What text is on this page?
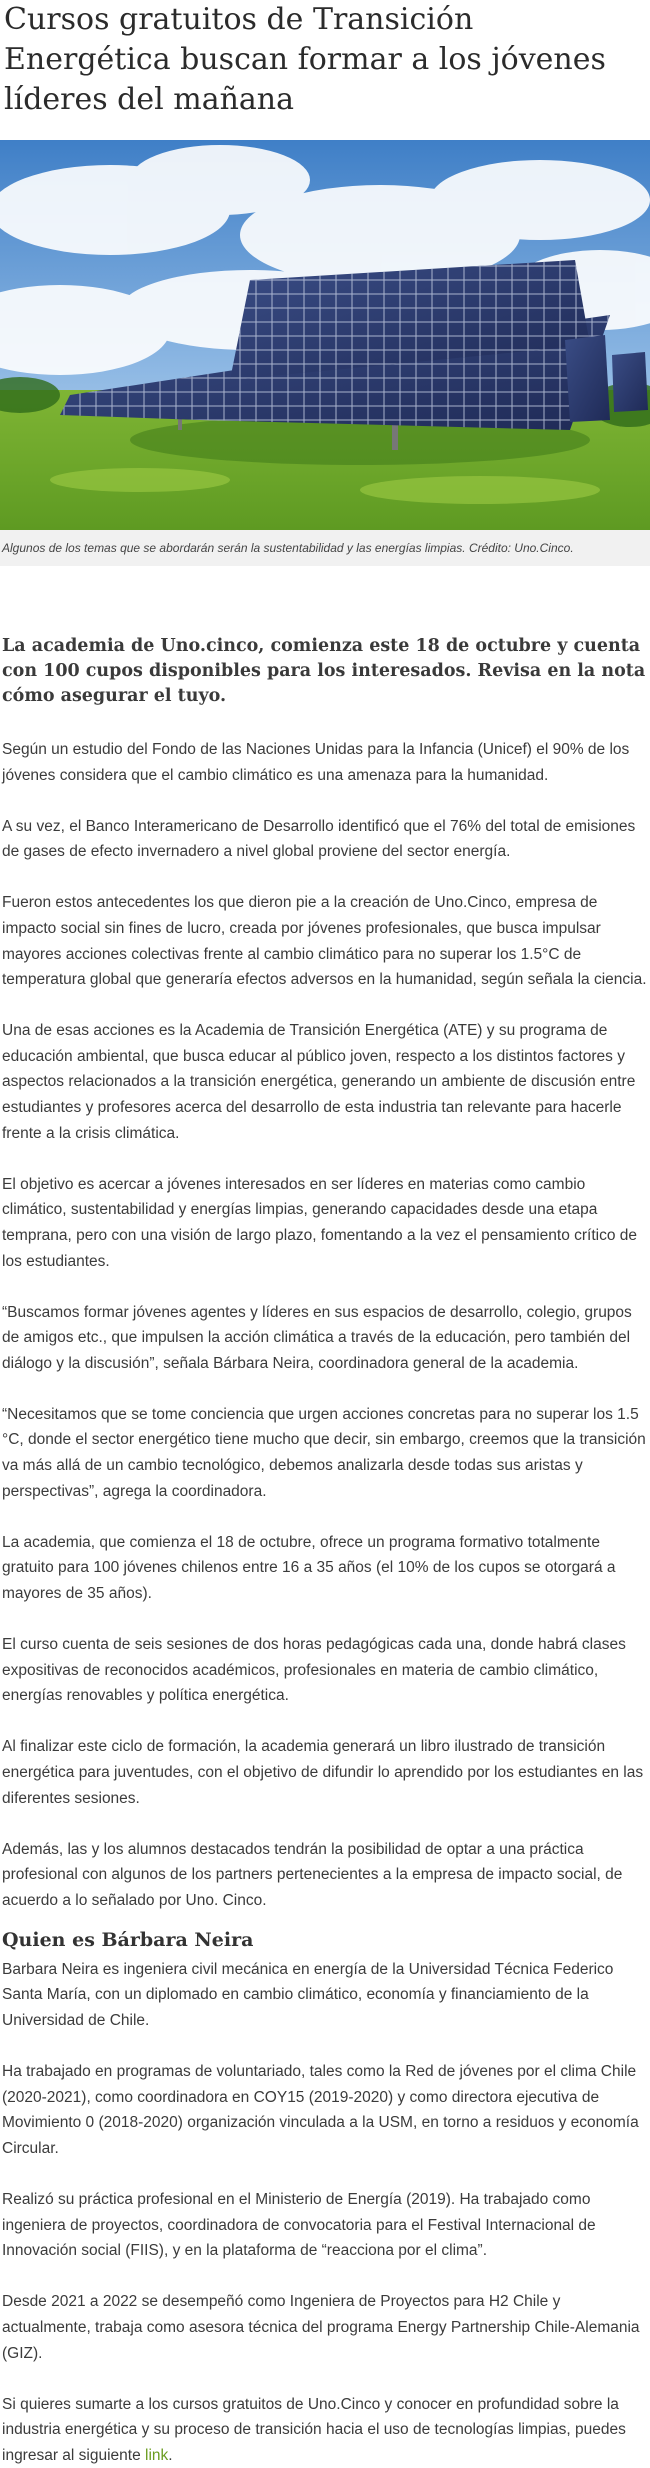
Cursos gratuitos de Transición Energética buscan formar a los jóvenes líderes del mañana
Algunos de los temas que se abordarán serán la sustentabilidad y las energías limpias. Crédito: Uno.Cinco.

La academia de Uno.cinco, comienza este 18 de octubre y cuenta con 100 cupos disponibles para los interesados. Revisa en la nota cómo asegurar el tuyo.

Según un estudio del Fondo de las Naciones Unidas para la Infancia (Unicef) el 90% de los jóvenes considera que el cambio climático es una amenaza para la humanidad.

A su vez, el Banco Interamericano de Desarrollo identificó que el 76% del total de emisiones de gases de efecto invernadero a nivel global proviene del sector energía.

Fueron estos antecedentes los que dieron pie a la creación de Uno.Cinco, empresa de impacto social sin fines de lucro, creada por jóvenes profesionales, que busca impulsar mayores acciones colectivas frente al cambio climático para no superar los 1.5°C de temperatura global que generaría efectos adversos en la humanidad, según señala la ciencia.

Una de esas acciones es la Academia de Transición Energética (ATE) y su programa de educación ambiental, que busca educar al público joven, respecto a los distintos factores y aspectos relacionados a la transición energética, generando un ambiente de discusión entre estudiantes y profesores acerca del desarrollo de esta industria tan relevante para hacerle frente a la crisis climática.

El objetivo es acercar a jóvenes interesados en ser líderes en materias como cambio climático, sustentabilidad y energías limpias, generando capacidades desde una etapa temprana, pero con una visión de largo plazo, fomentando a la vez el pensamiento crítico de los estudiantes.

“Buscamos formar jóvenes agentes y líderes en sus espacios de desarrollo, colegio, grupos de amigos etc., que impulsen la acción climática a través de la educación, pero también del diálogo y la discusión”, señala Bárbara Neira, coordinadora general de la academia.

“Necesitamos que se tome conciencia que urgen acciones concretas para no superar los 1.5 °C, donde el sector energético tiene mucho que decir, sin embargo, creemos que la transición va más allá de un cambio tecnológico, debemos analizarla desde todas sus aristas y perspectivas”, agrega la coordinadora.

La academia, que comienza el 18 de octubre, ofrece un programa formativo totalmente gratuito para 100 jóvenes chilenos entre 16 a 35 años (el 10% de los cupos se otorgará a mayores de 35 años).

El curso cuenta de seis sesiones de dos horas pedagógicas cada una, donde habrá clases expositivas de reconocidos académicos, profesionales en materia de cambio climático, energías renovables y política energética.

Al finalizar este ciclo de formación, la academia generará un libro ilustrado de transición energética para juventudes, con el objetivo de difundir lo aprendido por los estudiantes en las diferentes sesiones.

Además, las y los alumnos destacados tendrán la posibilidad de optar a una práctica profesional con algunos de los partners pertenecientes a la empresa de impacto social, de acuerdo a lo señalado por Uno. Cinco.

Quien es Bárbara Neira

Barbara Neira es ingeniera civil mecánica en energía de la Universidad Técnica Federico Santa María, con un diplomado en cambio climático, economía y financiamiento de la Universidad de Chile.

Ha trabajado en programas de voluntariado, tales como la Red de jóvenes por el clima Chile (2020-2021), como coordinadora en COY15 (2019-2020) y como directora ejecutiva de Movimiento 0 (2018-2020) organización vinculada a la USM, en torno a residuos y economía Circular.

Realizó su práctica profesional en el Ministerio de Energía (2019). Ha trabajado como ingeniera de proyectos, coordinadora de convocatoria para el Festival Internacional de Innovación social (FIIS), y en la plataforma de “reacciona por el clima”.

Desde 2021 a 2022 se desempeñó como Ingeniera de Proyectos para H2 Chile y actualmente, trabaja como asesora técnica del programa Energy Partnership Chile-Alemania (GIZ).

Si quieres sumarte a los cursos gratuitos de Uno.Cinco y conocer en profundidad sobre la industria energética y su proceso de transición hacia el uso de tecnologías limpias, puedes ingresar al siguiente link.
